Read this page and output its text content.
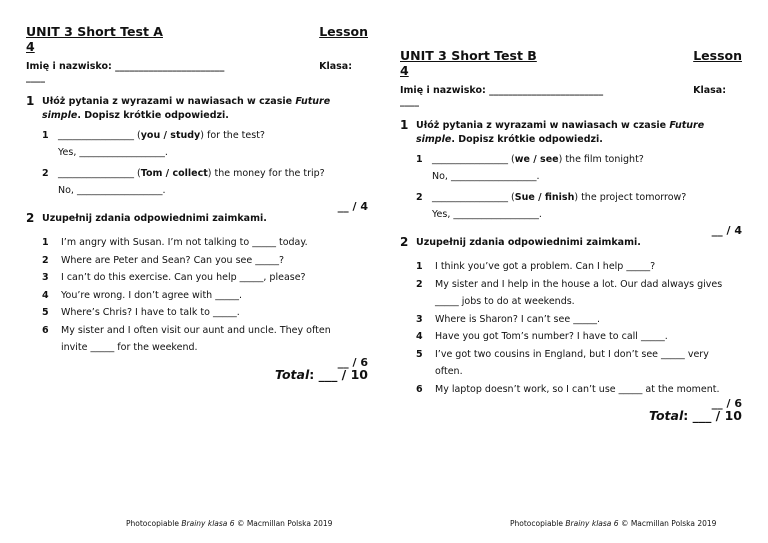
UNIT 3 Short Test A	Lesson
4
Imię i nazwisko: _______________________	Klasa:
____
1 Ułóż pytania z wyrazami w nawiasach w czasie Future simple. Dopisz krótkie odpowiedzi.
1 ________________ (you / study) for the test?
Yes, __________________.
2 ________________ (Tom / collect) the money for the trip?
No, __________________.
__ / 4
2 Uzupełnij zdania odpowiednimi zaimkami.
1	I’m angry with Susan. I’m not talking to _____ today.
2	Where are Peter and Sean? Can you see _____?
3	I can’t do this exercise. Can you help _____, please?
4	You’re wrong. I don’t agree with _____.
5	Where’s Chris? I have to talk to _____.
6	My sister and I often visit our aunt and uncle. They often
invite _____ for the weekend.
__ / 6
Total: ___ / 10
UNIT 3 Short Test B	Lesson
4
Imię i nazwisko: ________________________	Klasa:
____
1 Ułóż pytania z wyrazami w nawiasach w czasie Future simple. Dopisz krótkie odpowiedzi.
1 ________________ (we / see) the film tonight?
No, __________________.
2 ________________ (Sue / finish) the project tomorrow?
Yes, __________________.
__ / 4
2 Uzupełnij zdania odpowiednimi zaimkami.
1	I think you’ve got a problem. Can I help _____?
2	My sister and I help in the house a lot. Our dad always gives
_____ jobs to do at weekends.
3	Where is Sharon? I can’t see _____.
4	Have you got Tom’s number? I have to call _____.
5	I’ve got two cousins in England, but I don’t see _____ very
often.
6	My laptop doesn’t work, so I can’t use _____ at the moment.
__ / 6
Total: ___ / 10
Photocopiable Brainy klasa 6 © Macmillan Polska 2019	Photocopiable Brainy klasa 6 © Macmillan Polska 2019
